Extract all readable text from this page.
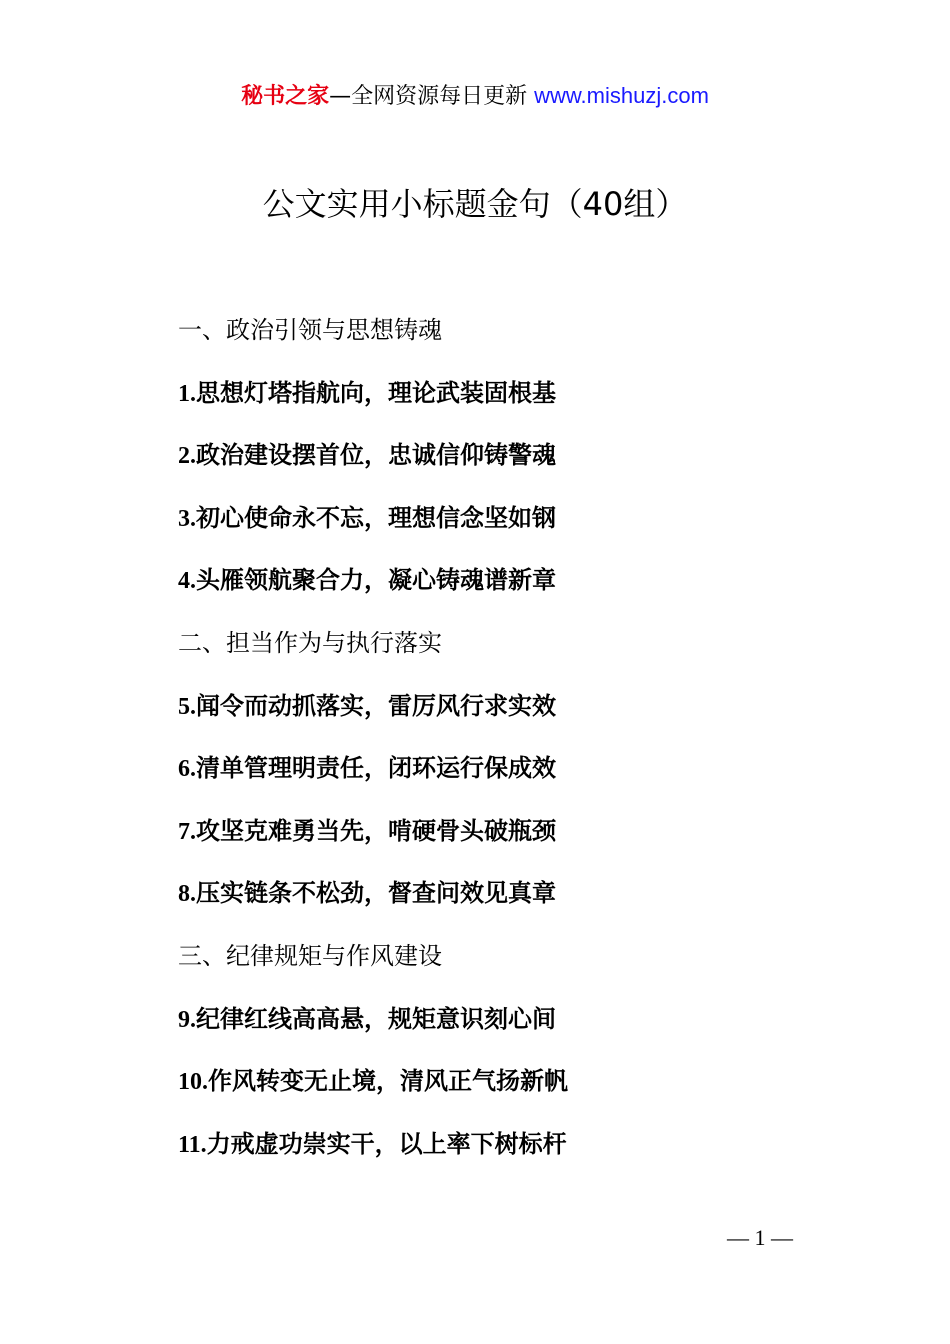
秘书之家—全网资源每日更新 www.mishuzj.com
公文实用小标题金句（40组）
一、政治引领与思想铸魂
1.思想灯塔指航向，理论武装固根基
2.政治建设摆首位，忠诚信仰铸警魂
3.初心使命永不忘，理想信念坚如钢
4.头雁领航聚合力，凝心铸魂谱新章
二、担当作为与执行落实
5.闻令而动抓落实，雷厉风行求实效
6.清单管理明责任，闭环运行保成效
7.攻坚克难勇当先，啃硬骨头破瓶颈
8.压实链条不松劲，督查问效见真章
三、纪律规矩与作风建设
9.纪律红线高高悬，规矩意识刻心间
10.作风转变无止境，清风正气扬新帆
11.力戒虚功崇实干，以上率下树标杆
— 1 —
